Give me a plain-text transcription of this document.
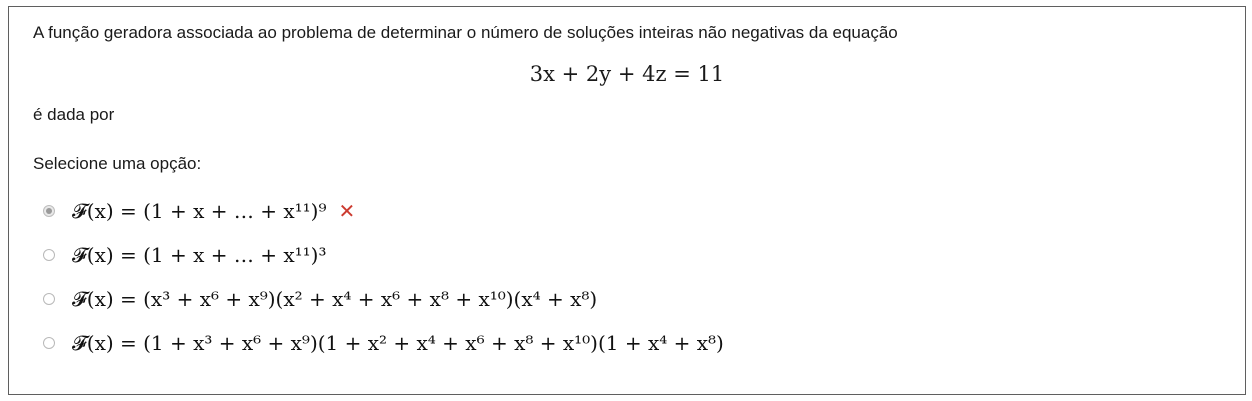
A função geradora associada ao problema de determinar o número de soluções inteiras não negativas da equação
3x + 2y + 4z = 11
é dada por
Selecione uma opção:
𝓕(x) = (1 + x + … + x¹¹)⁹ ✕
𝓕(x) = (1 + x + … + x¹¹)³
𝓕(x) = (x³ + x⁶ + x⁹)(x² + x⁴ + x⁶ + x⁸ + x¹⁰)(x⁴ + x⁸)
𝓕(x) = (1 + x³ + x⁶ + x⁹)(1 + x² + x⁴ + x⁶ + x⁸ + x¹⁰)(1 + x⁴ + x⁸)
